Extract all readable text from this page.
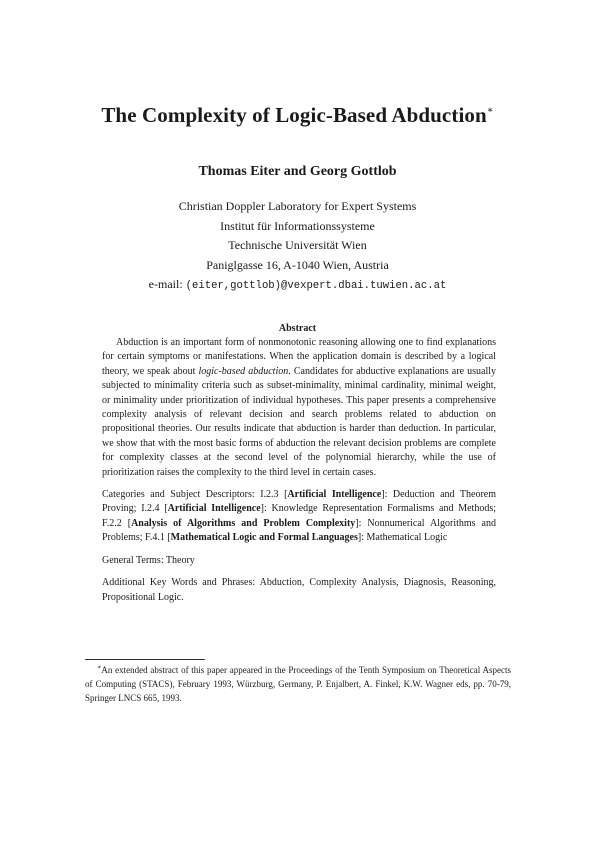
The Complexity of Logic-Based Abduction∗
Thomas Eiter and Georg Gottlob
Christian Doppler Laboratory for Expert Systems
Institut für Informationssysteme
Technische Universität Wien
Paniglgasse 16, A-1040 Wien, Austria
e-mail: (eiter,gottlob)@vexpert.dbai.tuwien.ac.at
Abstract

Abduction is an important form of nonmonotonic reasoning allowing one to find explanations for certain symptoms or manifestations. When the application domain is described by a logical theory, we speak about logic-based abduction. Candidates for abductive explanations are usually subjected to minimality criteria such as subset-minimality, minimal cardinality, minimal weight, or minimality under prioritization of individual hypotheses. This paper presents a comprehensive complexity analysis of relevant decision and search problems related to abduction on propositional theories. Our results indicate that abduction is harder than deduction. In particular, we show that with the most basic forms of abduction the relevant decision problems are complete for complexity classes at the second level of the polynomial hierarchy, while the use of prioritization raises the complexity to the third level in certain cases.

Categories and Subject Descriptors: I.2.3 [Artificial Intelligence]: Deduction and Theorem Proving; I.2.4 [Artificial Intelligence]: Knowledge Representation Formalisms and Methods; F.2.2 [Analysis of Algorithms and Problem Complexity]: Nonnumerical Algorithms and Problems; F.4.1 [Mathematical Logic and Formal Languages]: Mathematical Logic

General Terms: Theory

Additional Key Words and Phrases: Abduction, Complexity Analysis, Diagnosis, Reasoning, Propositional Logic.

∗An extended abstract of this paper appeared in the Proceedings of the Tenth Symposium on Theoretical Aspects of Computing (STACS), February 1993, Würzburg, Germany, P. Enjalbert, A. Finkel, K.W. Wagner eds, pp. 70-79, Springer LNCS 665, 1993.
